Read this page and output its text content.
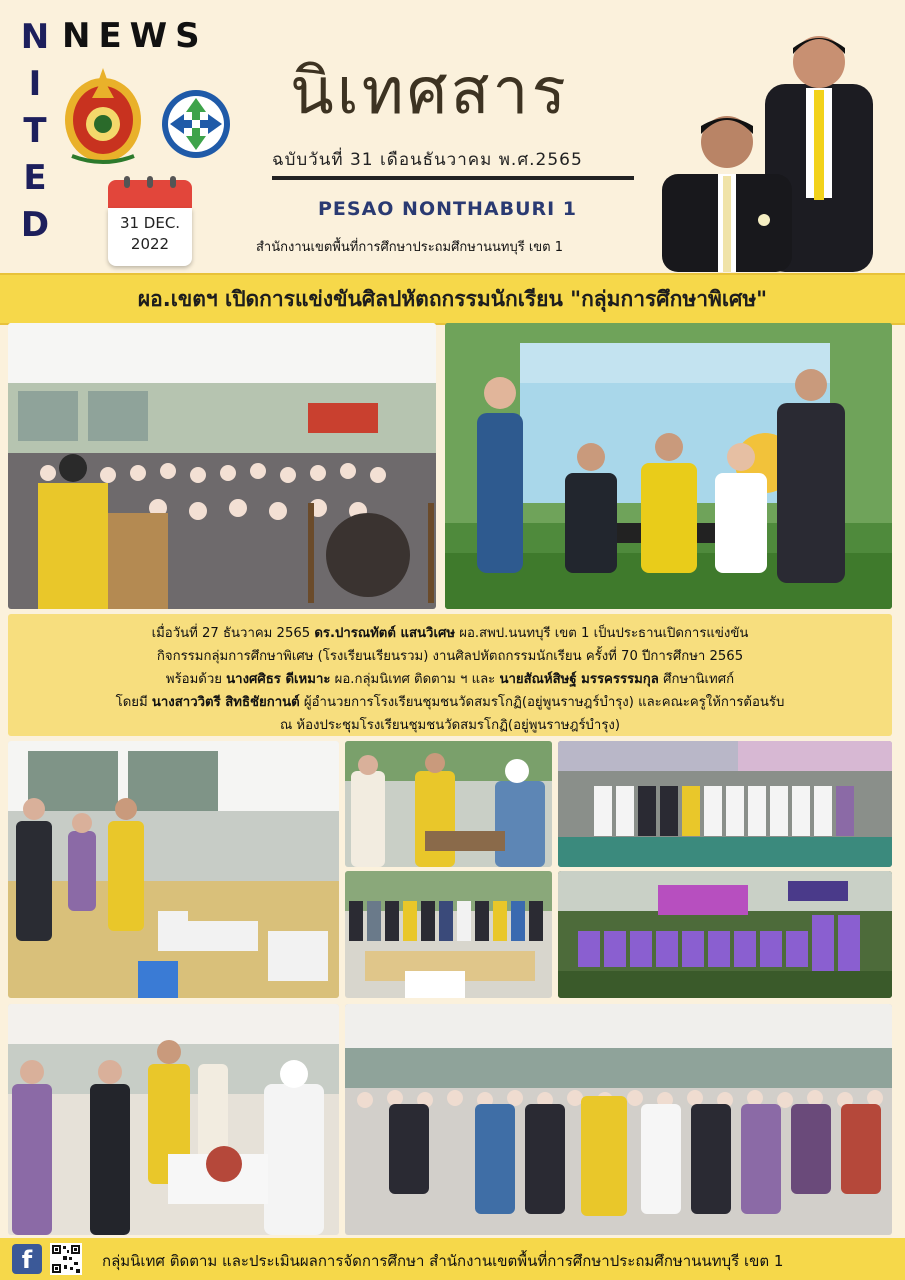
N
I
T
E
D
NEWS
31 DEC.
2022
นิเทศสาร
ฉบับวันที่ 31 เดือนธันวาคม พ.ศ.2565
PESAO NONTHABURI 1
สำนักงานเขตพื้นที่การศึกษาประถมศึกษานนทบุรี เขต 1
ผอ.เขตฯ เปิดการแข่งขันศิลปหัตถกรรมนักเรียน "กลุ่มการศึกษาพิเศษ"
เมื่อวันที่ 27 ธันวาคม 2565 ดร.ปารณทัตต์ แสนวิเศษ ผอ.สพป.นนทบุรี เขต 1 เป็นประธานเปิดการแข่งขัน
กิจกรรมกลุ่มการศึกษาพิเศษ (โรงเรียนเรียนรวม) งานศิลปหัตถกรรมนักเรียน ครั้งที่ 70 ปีการศึกษา 2565
พร้อมด้วย นางศศิธร ดีเหมาะ ผอ.กลุ่มนิเทศ ติดตาม ฯ และ นายสัณห์สิษฐ์ มรรครรรมกุล ศึกษานิเทศก์
โดยมี นางสาววิตรี สิทธิชัยกานต์ ผู้อำนวยการโรงเรียนชุมชนวัดสมรโกฏิ(อยู่พูนราษฎร์บำรุง) และคณะครูให้การต้อนรับ
ณ ห้องประชุมโรงเรียนชุมชนวัดสมรโกฏิ(อยู่พูนราษฎร์บำรุง)
f	กลุ่มนิเทศ ติดตาม และประเมินผลการจัดการศึกษา สำนักงานเขตพื้นที่การศึกษาประถมศึกษานนทบุรี เขต 1
